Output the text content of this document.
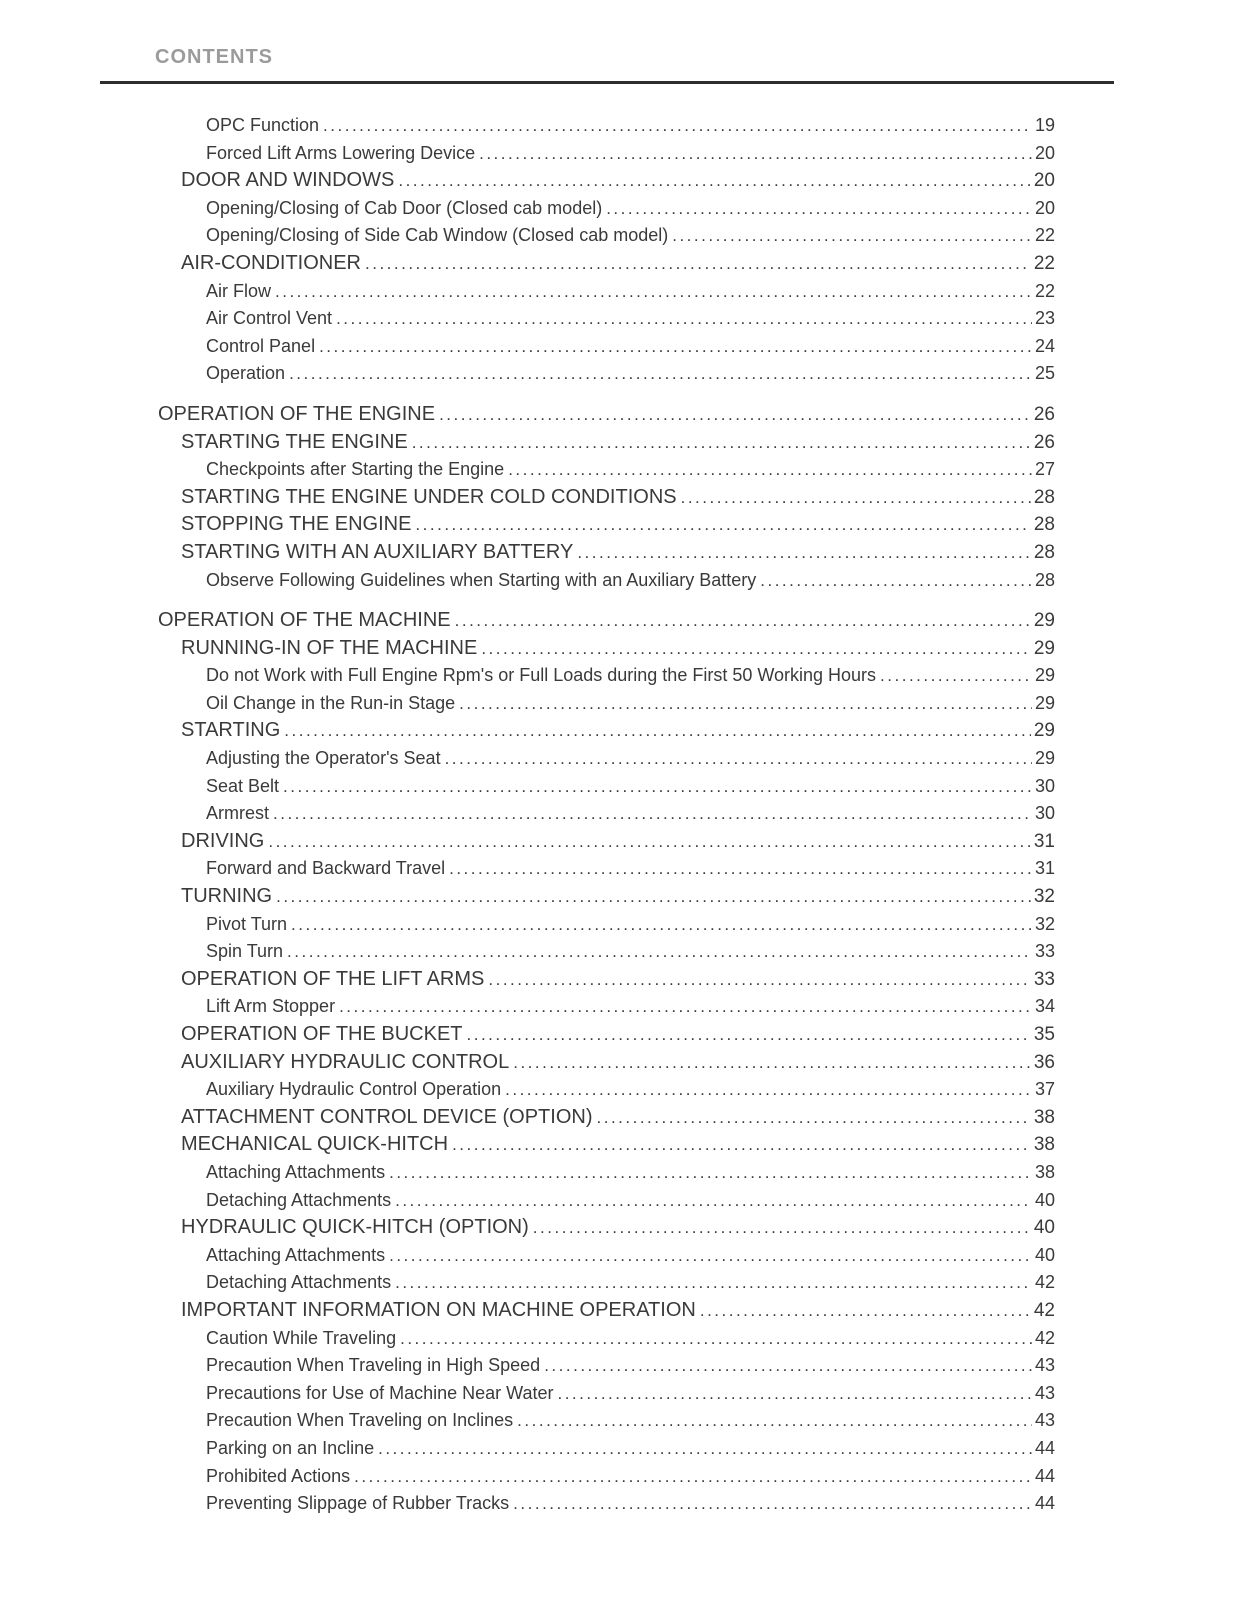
CONTENTS
OPC Function .....	19
Forced Lift Arms Lowering Device .....	20
DOOR AND WINDOWS .....	20
Opening/Closing of Cab Door (Closed cab model) .....	20
Opening/Closing of Side Cab Window (Closed cab model) .....	22
AIR-CONDITIONER .....	22
Air Flow .....	22
Air Control Vent .....	23
Control Panel .....	24
Operation .....	25
OPERATION OF THE ENGINE .....	26
STARTING THE ENGINE .....	26
Checkpoints after Starting the Engine .....	27
STARTING THE ENGINE UNDER COLD CONDITIONS .....	28
STOPPING THE ENGINE .....	28
STARTING WITH AN AUXILIARY BATTERY .....	28
Observe Following Guidelines when Starting with an Auxiliary Battery .....	28
OPERATION OF THE MACHINE .....	29
RUNNING-IN OF THE MACHINE .....	29
Do not Work with Full Engine Rpm's or Full Loads during the First 50 Working Hours .....	29
Oil Change in the Run-in Stage .....	29
STARTING .....	29
Adjusting the Operator's Seat .....	29
Seat Belt .....	30
Armrest .....	30
DRIVING .....	31
Forward and Backward Travel .....	31
TURNING .....	32
Pivot Turn .....	32
Spin Turn .....	33
OPERATION OF THE LIFT ARMS .....	33
Lift Arm Stopper .....	34
OPERATION OF THE BUCKET .....	35
AUXILIARY HYDRAULIC CONTROL .....	36
Auxiliary Hydraulic Control Operation .....	37
ATTACHMENT CONTROL DEVICE (OPTION) .....	38
MECHANICAL QUICK-HITCH .....	38
Attaching Attachments .....	38
Detaching Attachments .....	40
HYDRAULIC QUICK-HITCH (OPTION) .....	40
Attaching Attachments .....	40
Detaching Attachments .....	42
IMPORTANT INFORMATION ON MACHINE OPERATION .....	42
Caution While Traveling .....	42
Precaution When Traveling in High Speed .....	43
Precautions for Use of Machine Near Water .....	43
Precaution When Traveling on Inclines .....	43
Parking on an Incline .....	44
Prohibited Actions .....	44
Preventing Slippage of Rubber Tracks .....	44
